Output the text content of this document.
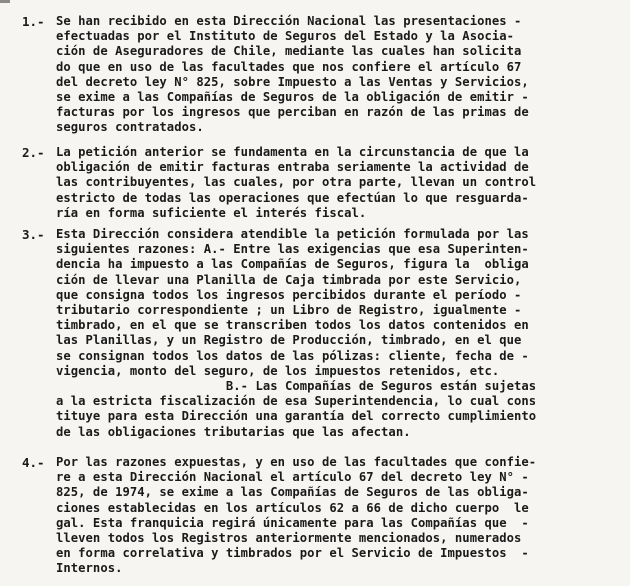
1.- Se han recibido en esta Dirección Nacional las presentaciones -
efectuadas por el Instituto de Seguros del Estado y la Asocia-
ción de Aseguradores de Chile, mediante las cuales han solicita
do que en uso de las facultades que nos confiere el artículo 67
del decreto ley N° 825, sobre Impuesto a las Ventas y Servicios,
se exime a las Compañías de Seguros de la obligación de emitir -
facturas por los ingresos que perciban en razón de las primas de
seguros contratados.
2.- La petición anterior se fundamenta en la circunstancia de que la
obligación de emitir facturas entraba seriamente la actividad de
las contribuyentes, las cuales, por otra parte, llevan un control
estricto de todas las operaciones que efectúan lo que resguarda-
ría en forma suficiente el interés fiscal.
3.- Esta Dirección considera atendible la petición formulada por las
siguientes razones: A.- Entre las exigencias que esa Superinten-
dencia ha impuesto a las Compañías de Seguros, figura la  obliga
ción de llevar una Planilla de Caja timbrada por este Servicio,
que consigna todos los ingresos percibidos durante el período -
tributario correspondiente ; un Libro de Registro, igualmente -
timbrado, en el que se transcriben todos los datos contenidos en
las Planillas, y un Registro de Producción, timbrado, en el que
se consignan todos los datos de las pólizas: cliente, fecha de -
vigencia, monto del seguro, de los impuestos retenidos, etc.
B.- Las Compañías de Seguros están sujetas
a la estricta fiscalización de esa Superintendencia, lo cual cons
tituye para esta Dirección una garantía del correcto cumplimiento
de las obligaciones tributarias que las afectan.
4.- Por las razones expuestas, y en uso de las facultades que confie-
re a esta Dirección Nacional el artículo 67 del decreto ley N° -
825, de 1974, se exime a las Compañías de Seguros de las obliga-
ciones establecidas en los artículos 62 a 66 de dicho cuerpo  le
gal. Esta franquicia regirá únicamente para las Compañías que  -
lleven todos los Registros anteriormente mencionados, numerados
en forma correlativa y timbrados por el Servicio de Impuestos  -
Internos.
